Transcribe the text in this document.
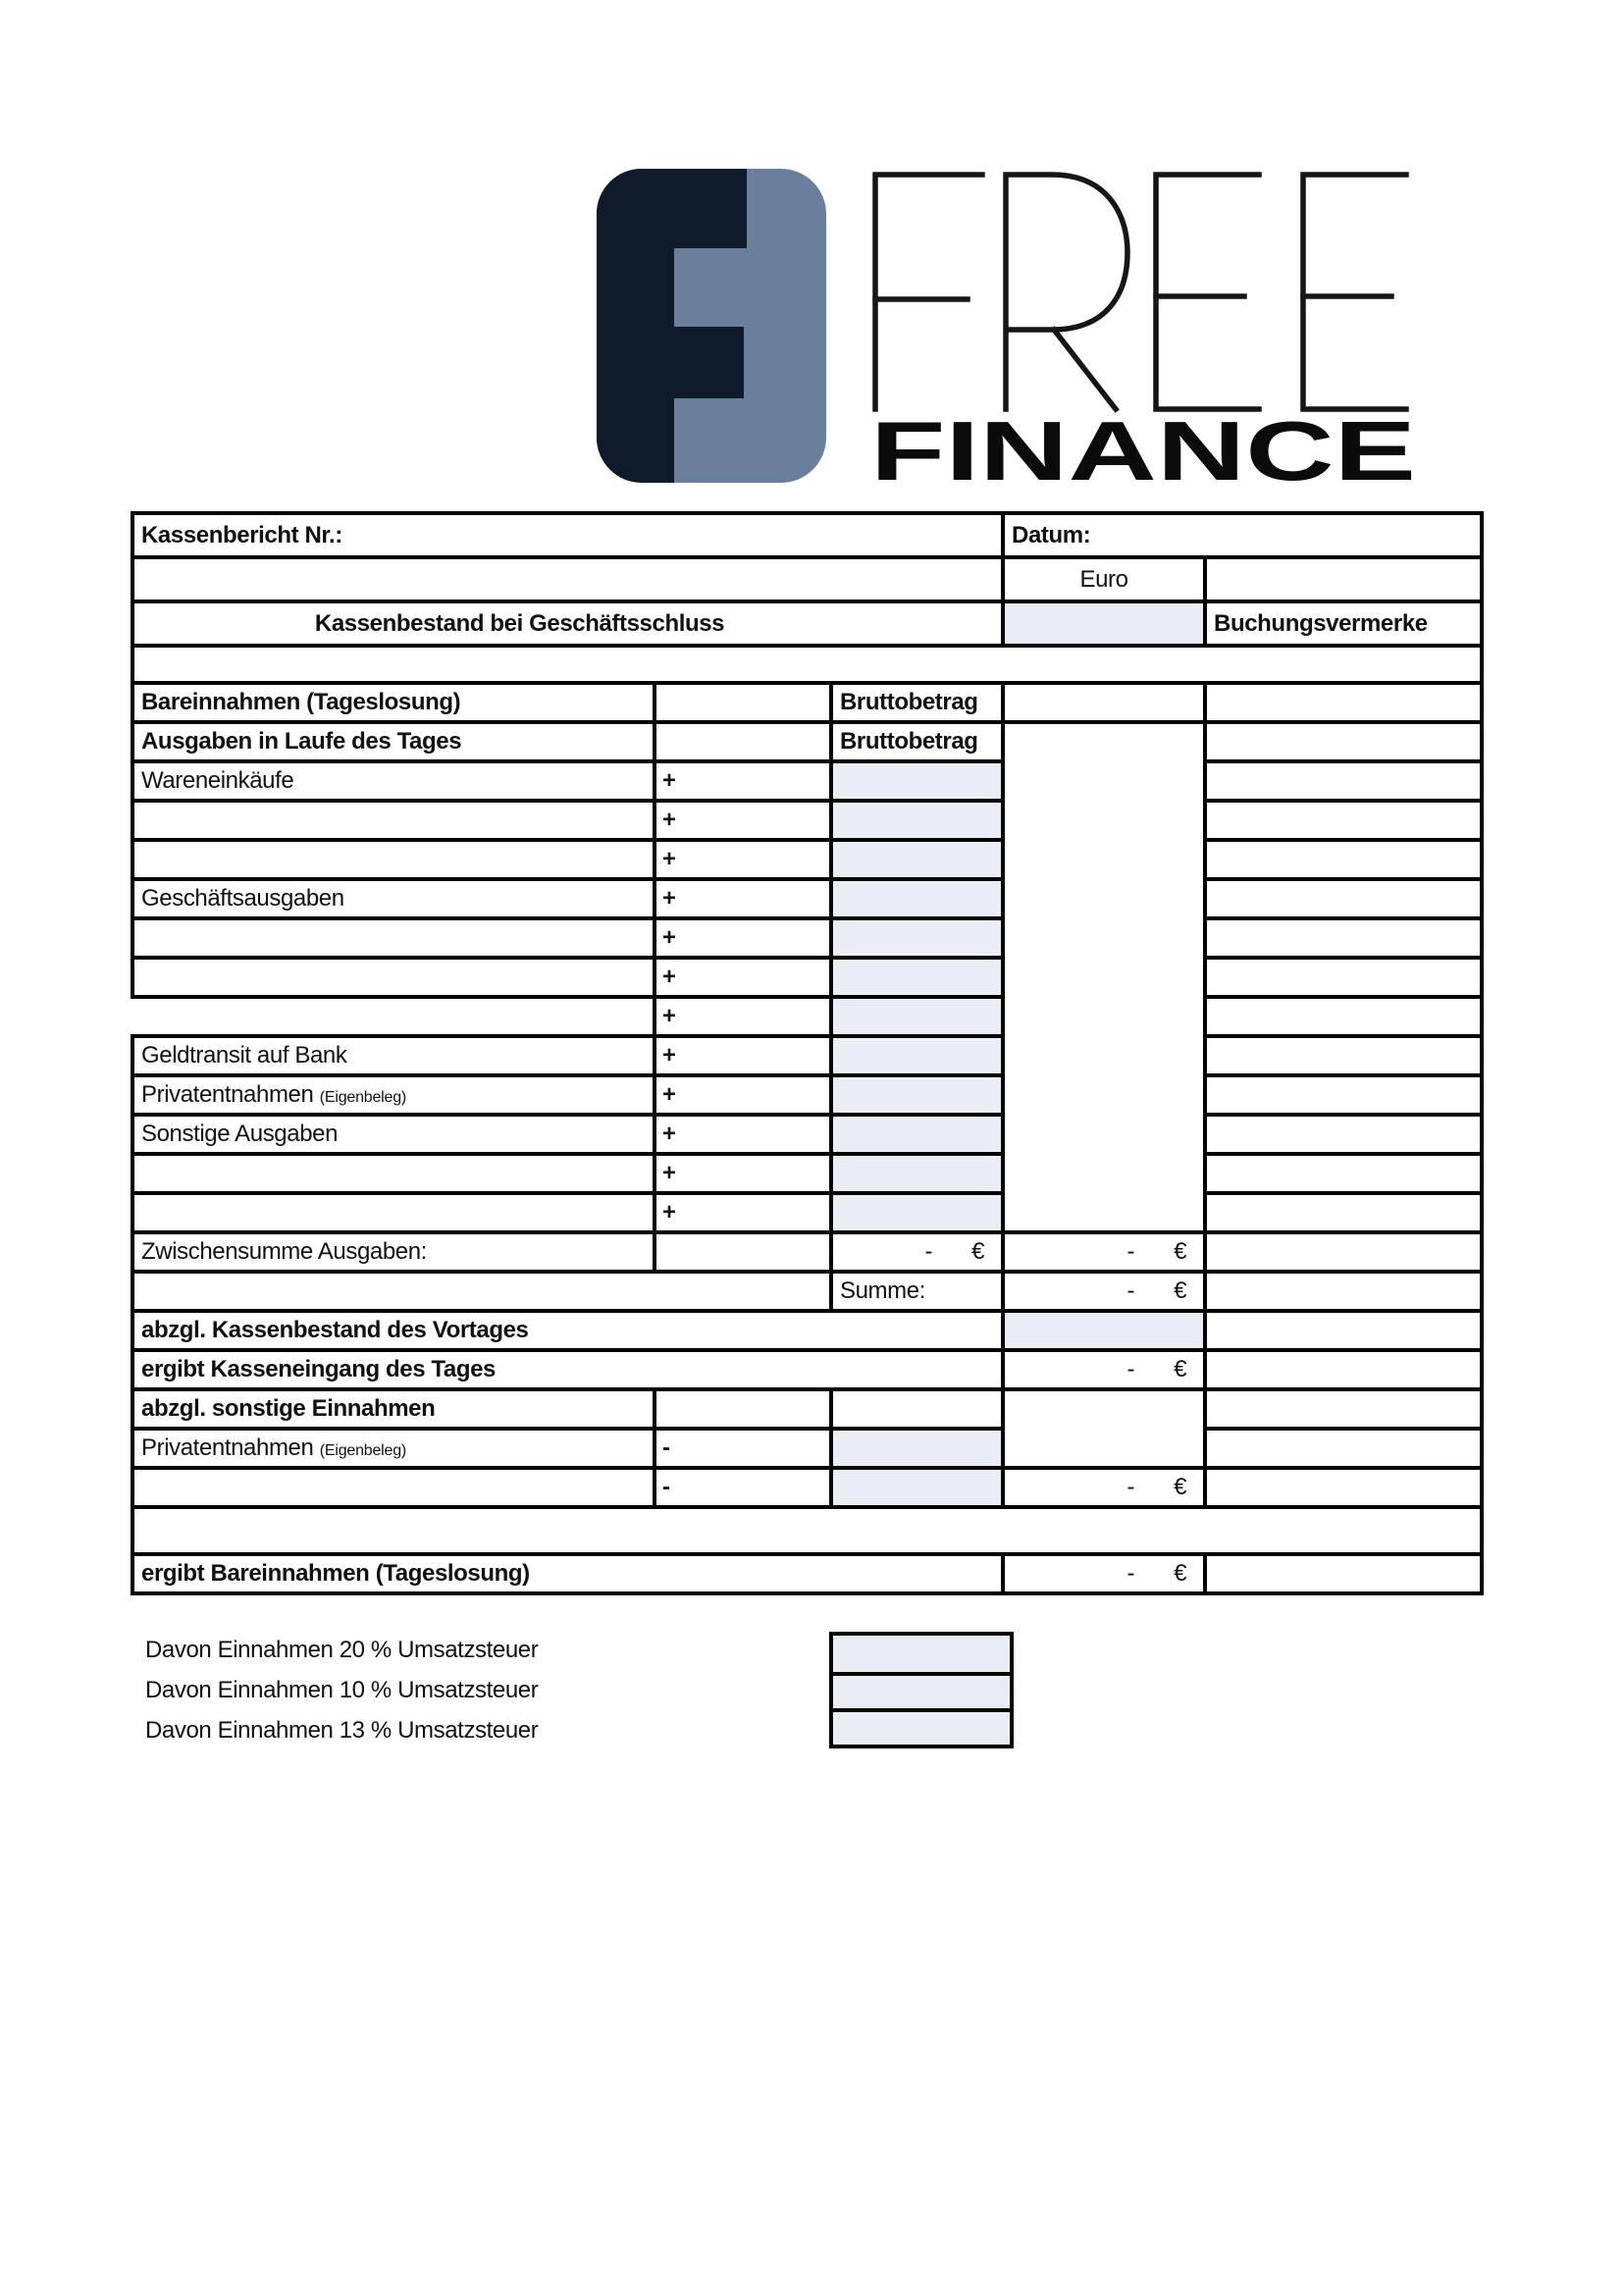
FINANCE
Kassenbericht Nr.:			Datum:	
			Euro	
Kassenbestand bei Geschäftsschluss				Buchungsvermerke

Bareinnahmen (Tageslosung)		Bruttobetrag		
Ausgaben in Laufe des Tages		Bruttobetrag		
Wareneinkäufe	+			
	+			
	+			
Geschäftsausgaben	+			
	+			
	+			
	+			
Geldtransit auf Bank	+			
Privatentnahmen (Eigenbeleg)	+			
Sonstige Ausgaben	+			
	+			
	+			
Zwischensumme Ausgaben:		- €	- €	

		Summe:	- €	

abzgl. Kassenbestand des Vortages				
ergibt Kasseneingang des Tages			- €	

abzgl. sonstige Einnahmen				
Privatentnahmen (Eigenbeleg)	-			
	-		- €	

ergibt Bareinnahmen (Tageslosung)			- €	

Davon Einnahmen 20 % Umsatzsteuer
Davon Einnahmen 10 % Umsatzsteuer
Davon Einnahmen 13 % Umsatzsteuer
